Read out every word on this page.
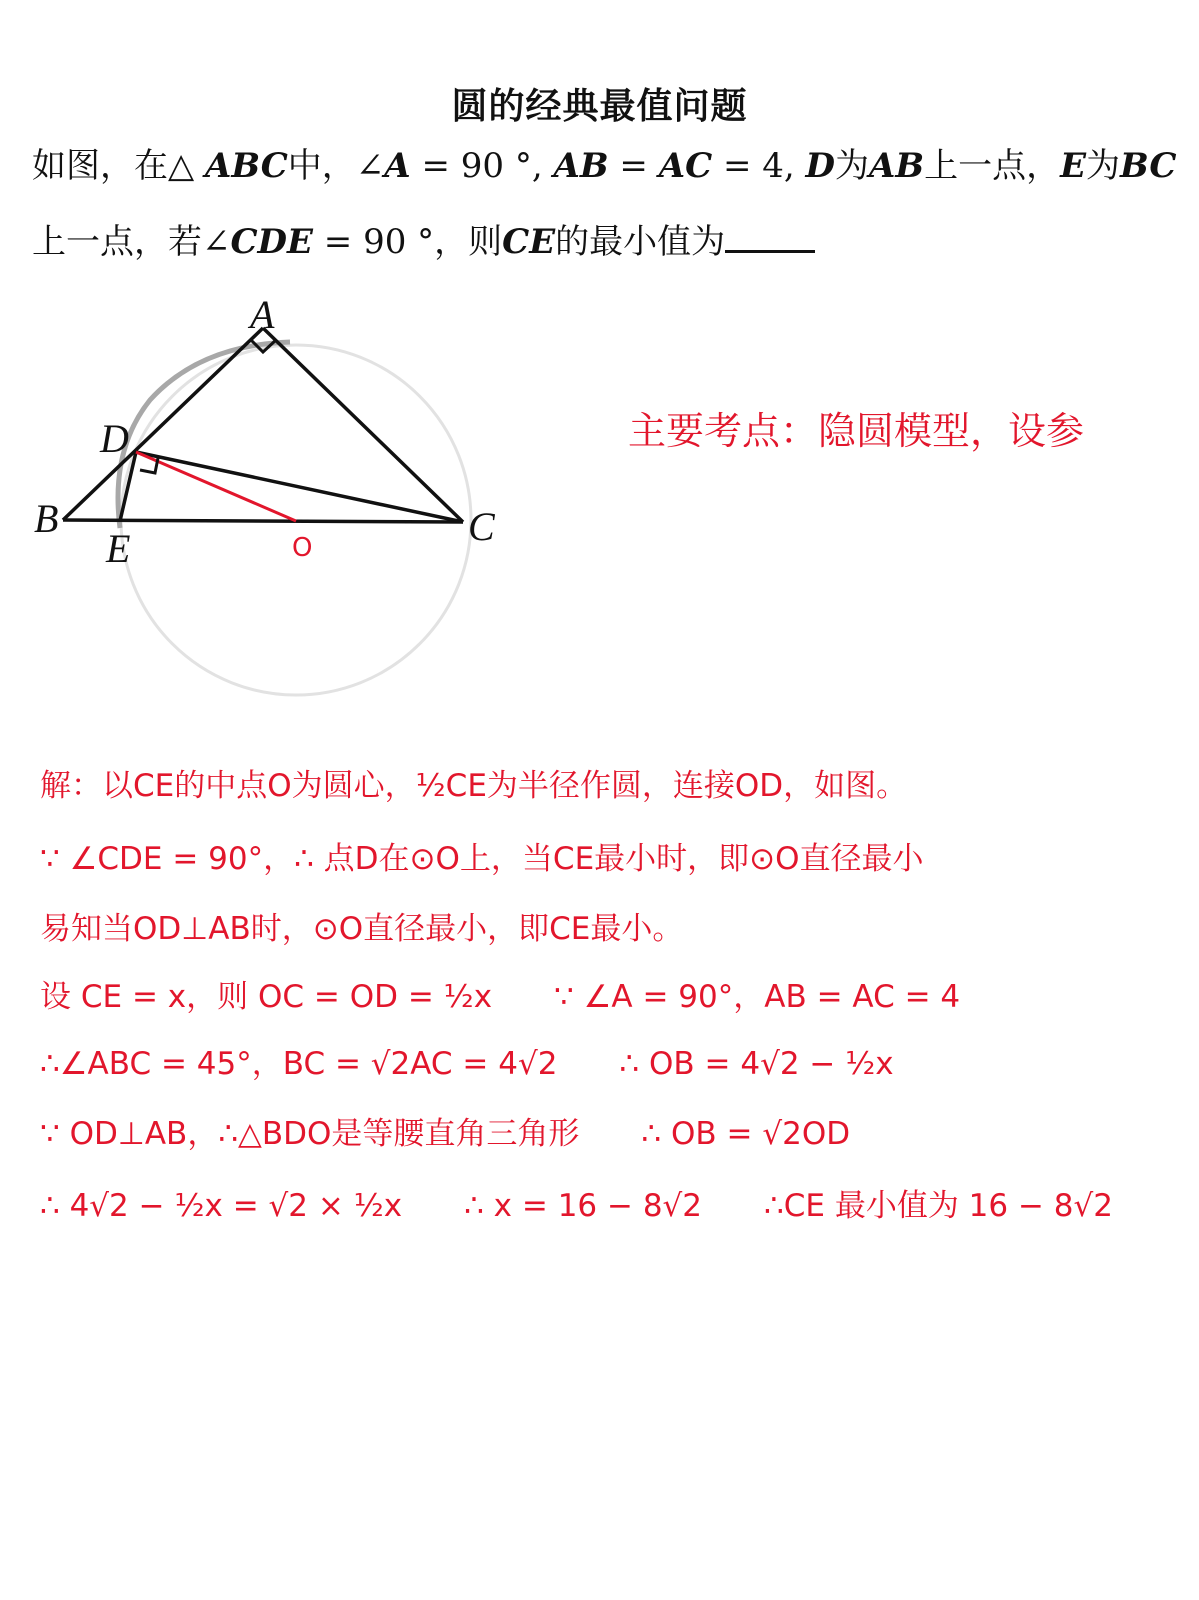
圆的经典最值问题
如图，在△ ABC中，∠A = 90 °, AB = AC = 4, D为AB上一点，E为BC
上一点，若∠CDE = 90 °，则CE的最小值为
A
D
B
E	C
O
主要考点：隐圆模型，设参
解：以CE的中点O为圆心，½CE为半径作圆，连接OD，如图。
∵ ∠CDE = 90°，∴ 点D在⊙O上，当CE最小时，即⊙O直径最小
易知当OD⊥AB时，⊙O直径最小，即CE最小。
设 CE = x，则 OC = OD = ½x　　∵ ∠A = 90°，AB = AC = 4
∴∠ABC = 45°，BC = √2AC = 4√2　　∴ OB = 4√2 − ½x
∵ OD⊥AB，∴△BDO是等腰直角三角形　　∴ OB = √2OD
∴ 4√2 − ½x = √2 × ½x　　∴ x = 16 − 8√2　　∴CE 最小值为 16 − 8√2
